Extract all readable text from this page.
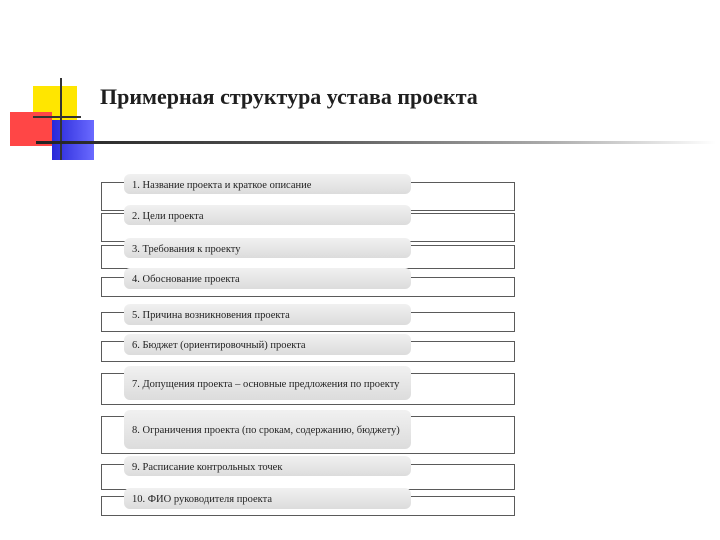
Примерная структура устава проекта
1. Название проекта и краткое описание
2. Цели проекта
3. Требования к проекту
4. Обоснование проекта
5. Причина возникновения проекта
6. Бюджет (ориентировочный) проекта
7. Допущения проекта – основные предложения по проекту
8. Ограничения проекта (по срокам, содержанию, бюджету)
9. Расписание контрольных точек
10. ФИО руководителя проекта
